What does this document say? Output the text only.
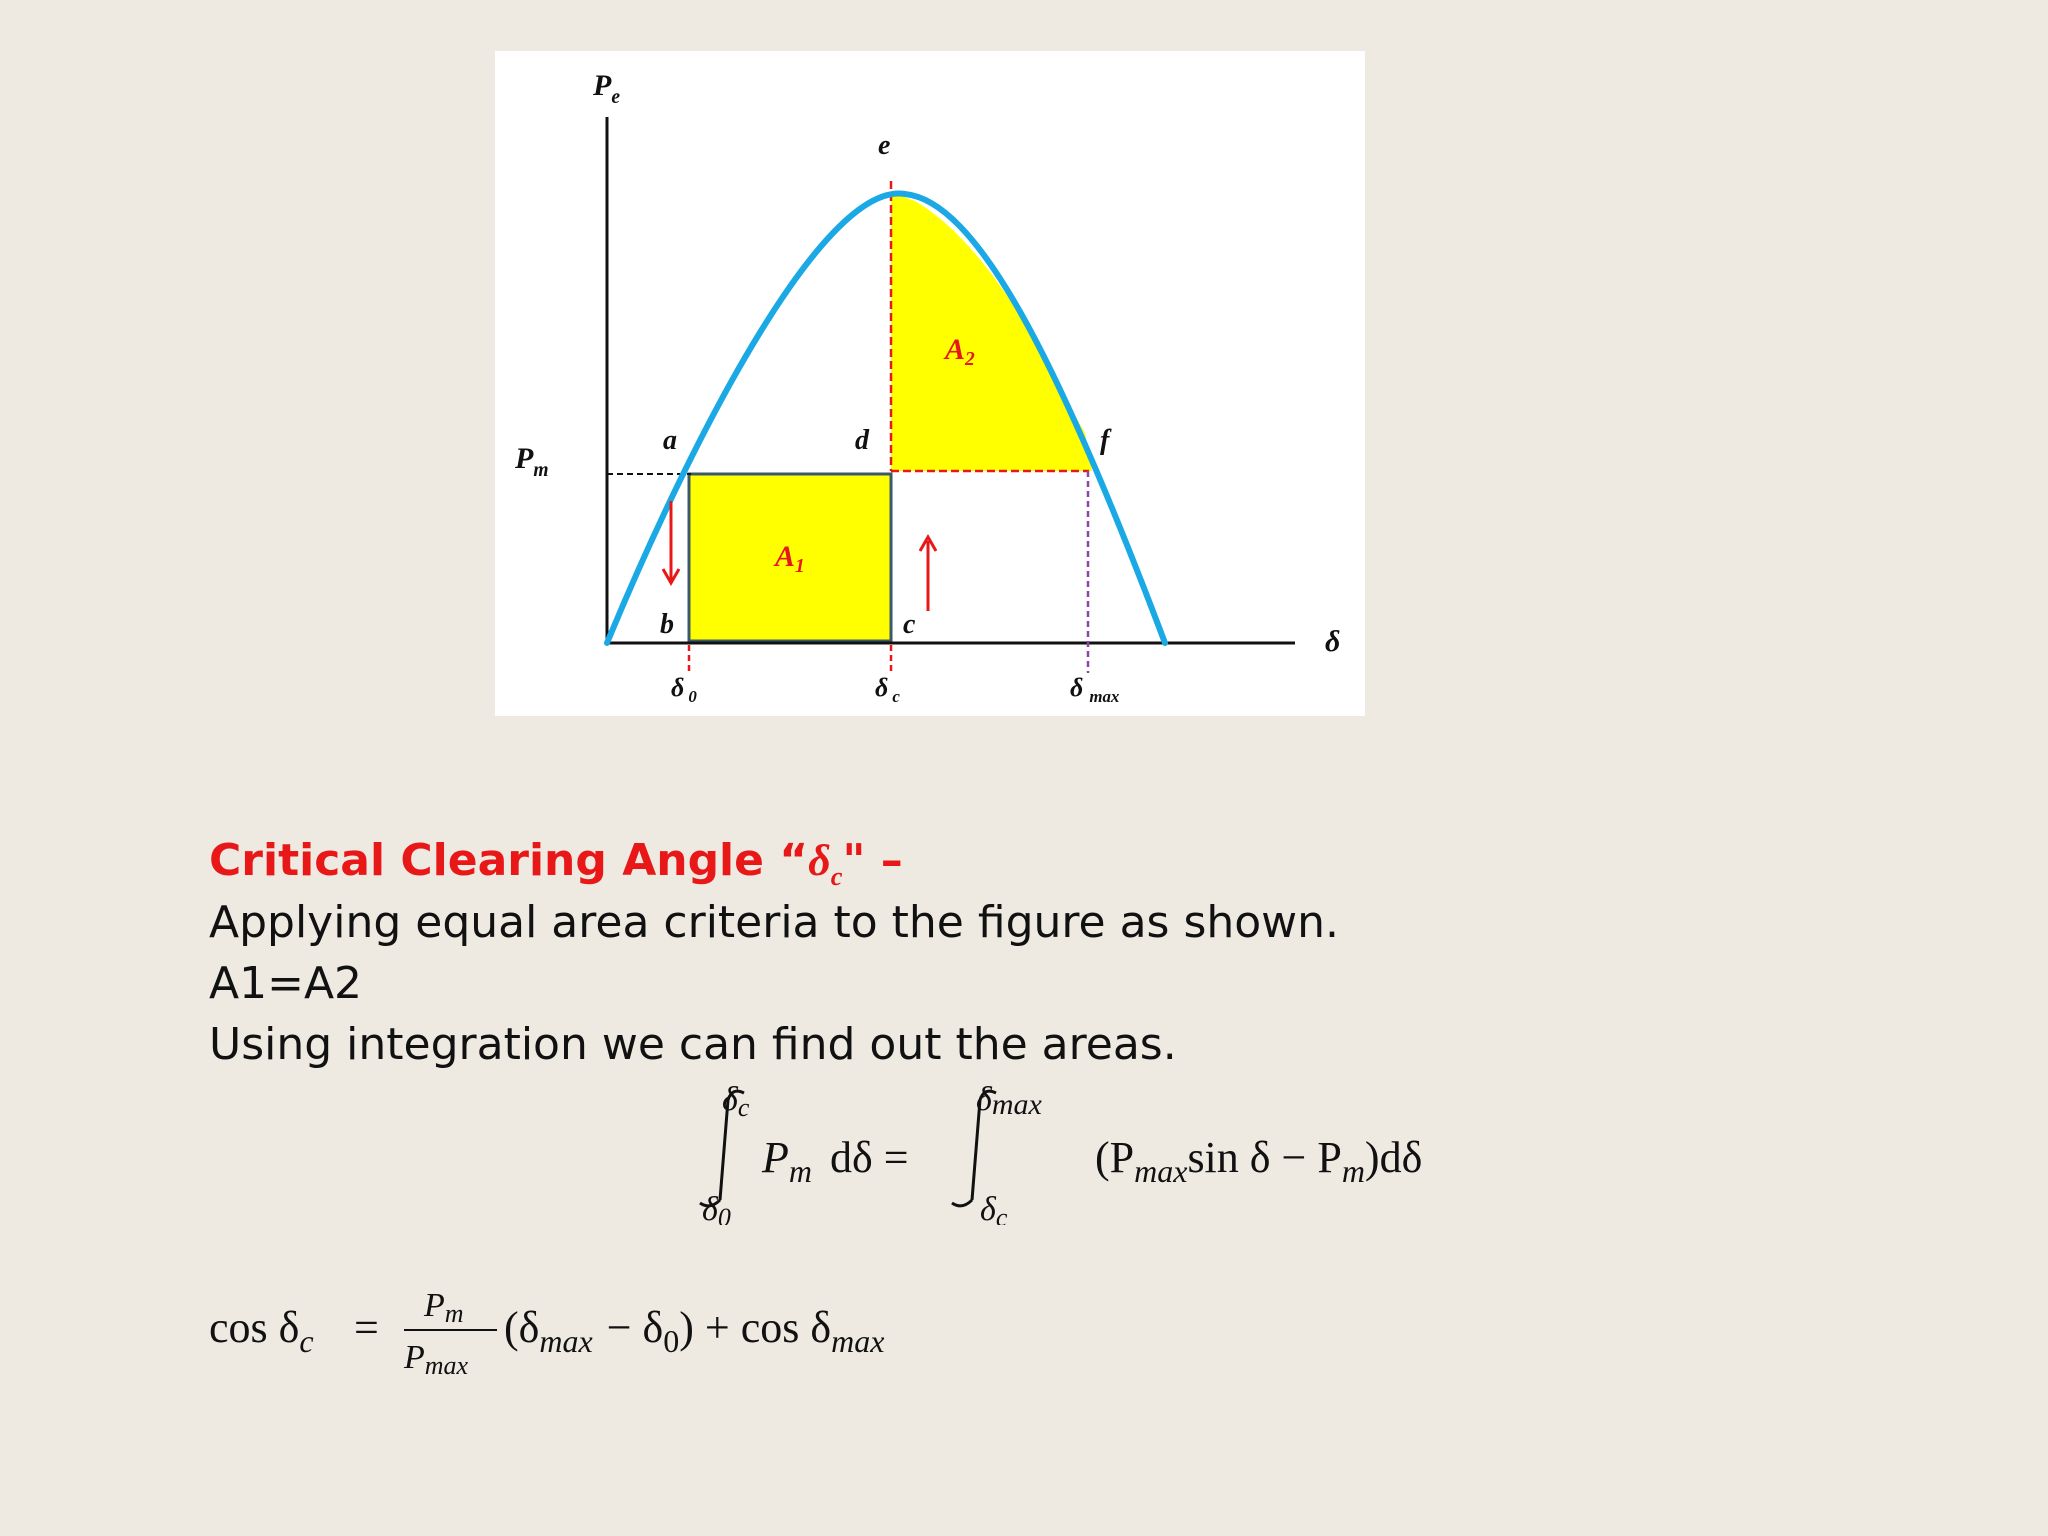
$P_e$
δ
$P_m$
a
b	c
d
e
f
$A_1$
$A_2$
δ $_0$	δ $_c$	δ $_{max}$
Critical Clearing Angle “$\delta_c$" –
Applying equal area criteria to the figure as shown.
A1=A2
Using integration we can find out the areas.
δc
δ0
$P_m$ dδ =
δmax
δc
($P_{max}\sin$ $\delta - P_m)d\delta$
$\cos \delta_c = Pm$
Pmax
$(\delta_{max} - \delta_0) + \cos \delta_{max}$
